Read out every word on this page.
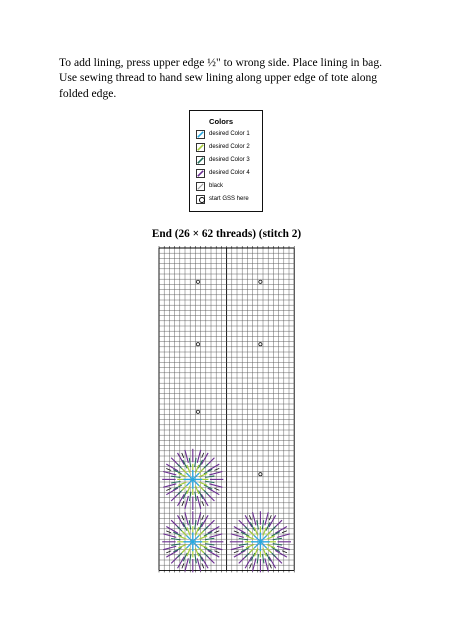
To add lining, press upper edge ½" to wrong side. Place lining in bag. Use sewing thread to hand sew lining along upper edge of tote along folded edge.

Colors
desired Color 1
desired Color 2
desired Color 3
desired Color 4
black
start GSS here
End (26 × 62 threads) (stitch 2)
